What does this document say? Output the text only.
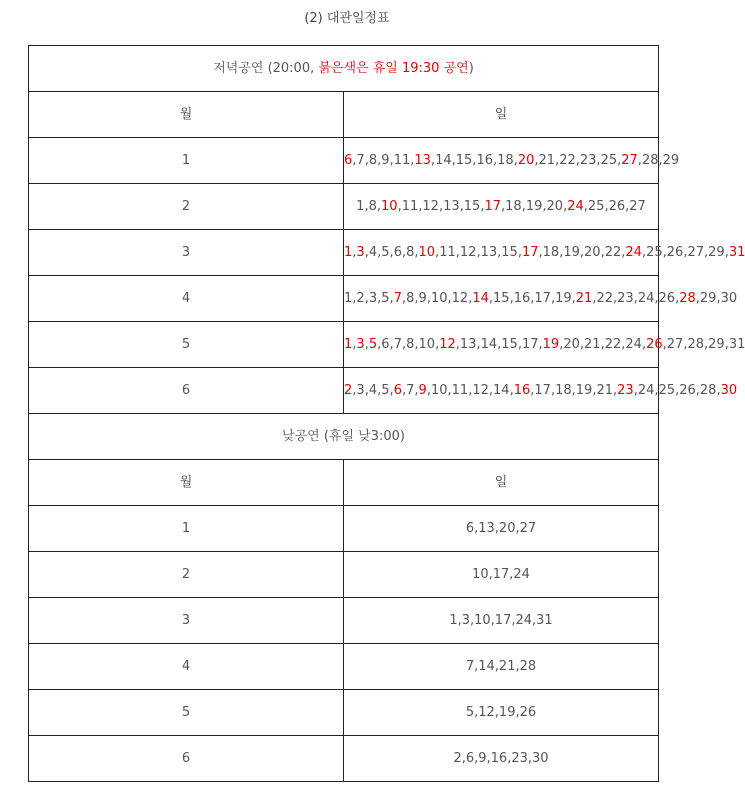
(2) 대관일정표
저녁공연 (20:00, 붉은색은 휴일 19:30 공연)	
월	일
1	6,7,8,9,11,13,14,15,16,18,20,21,22,23,25,27,28,29
2	1,8,10,11,12,13,15,17,18,19,20,24,25,26,27
3	1,3,4,5,6,8,10,11,12,13,15,17,18,19,20,22,24,25,26,27,29,31
4	1,2,3,5,7,8,9,10,12,14,15,16,17,19,21,22,23,24,26,28,29,30
5	1,3,5,6,7,8,10,12,13,14,15,17,19,20,21,22,24,26,27,28,29,31
6	2,3,4,5,6,7,9,10,11,12,14,16,17,18,19,21,23,24,25,26,28,30
낮공연 (휴일 낮3:00)	
월	일
1	6,13,20,27
2	10,17,24
3	1,3,10,17,24,31
4	7,14,21,28
5	5,12,19,26
6	2,6,9,16,23,30
